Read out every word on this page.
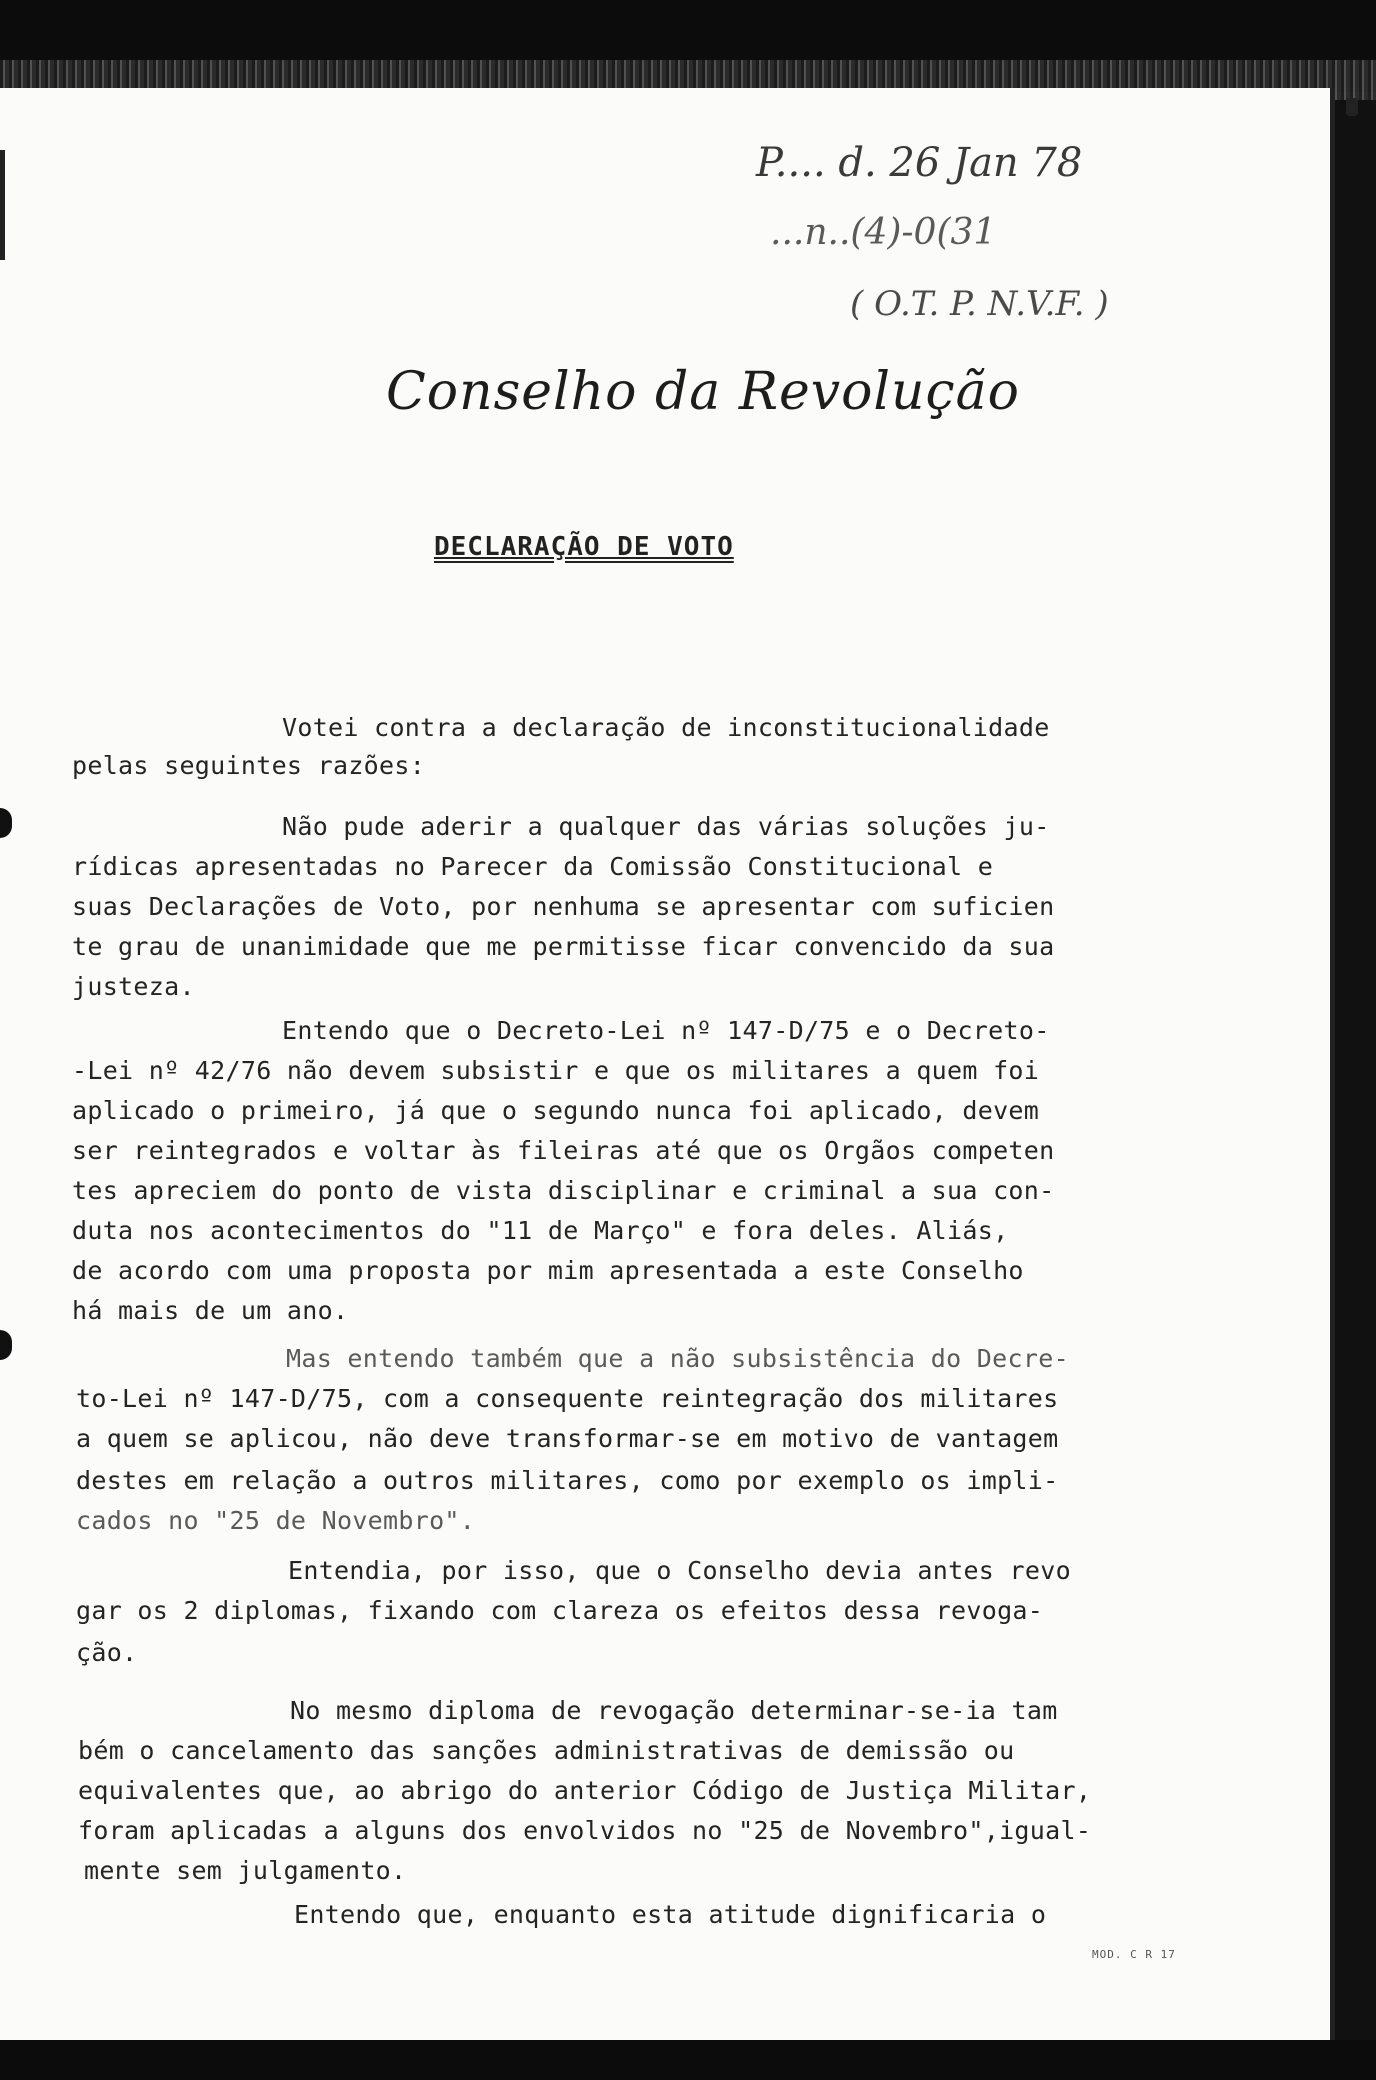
P.... d. 26 Jan 78
...n..(4)-0(31
( O.T. P. N.V.F. )
Conselho da Revolução
DECLARAÇÃO DE VOTO
Votei contra a declaração de inconstitucionalidade
pelas seguintes razões:
Não pude aderir a qualquer das várias soluções ju-
rídicas apresentadas no Parecer da Comissão Constitucional e
suas Declarações de Voto, por nenhuma se apresentar com suficien
te grau de unanimidade que me permitisse ficar convencido da sua
justeza.
Entendo que o Decreto-Lei nº 147-D/75 e o Decreto-
-Lei nº 42/76 não devem subsistir e que os militares a quem foi
aplicado o primeiro, já que o segundo nunca foi aplicado, devem
ser reintegrados e voltar às fileiras até que os Orgãos competen
tes apreciem do ponto de vista disciplinar e criminal a sua con-
duta nos acontecimentos do "11 de Março" e fora deles. Aliás,
de acordo com uma proposta por mim apresentada a este Conselho
há mais de um ano.
Mas entendo também que a não subsistência do Decre-
to-Lei nº 147-D/75, com a consequente reintegração dos militares
a quem se aplicou, não deve transformar-se em motivo de vantagem
destes em relação a outros militares, como por exemplo os impli-
cados no "25 de Novembro".
Entendia, por isso, que o Conselho devia antes revo
gar os 2 diplomas, fixando com clareza os efeitos dessa revoga-
ção.
No mesmo diploma de revogação determinar-se-ia tam
bém o cancelamento das sanções administrativas de demissão ou
equivalentes que, ao abrigo do anterior Código de Justiça Militar,
foram aplicadas a alguns dos envolvidos no "25 de Novembro",igual-
mente sem julgamento.
Entendo que, enquanto esta atitude dignificaria o
MOD. C R 17
